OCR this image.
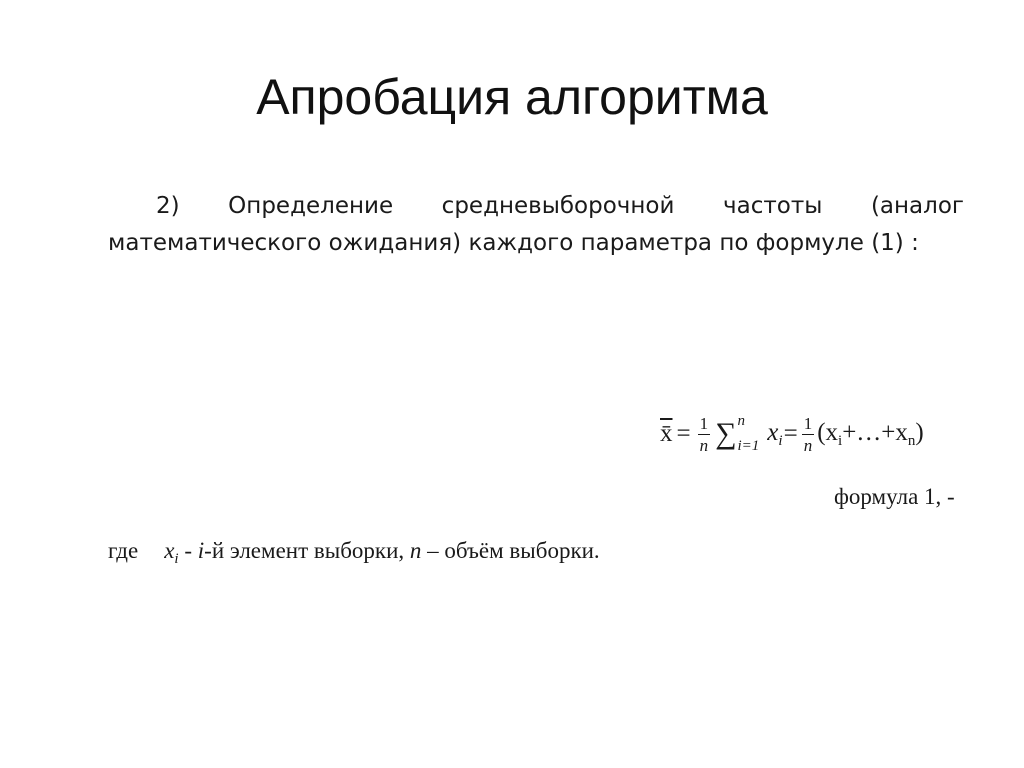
Апробация алгоритма
2) Определение средневыборочной частоты (аналог математического ожидания) каждого параметра по формуле (1) :
x̄ = $\frac{1}{n}$ ∑ n
i=1
$x_i = \frac{1}{n}$ $(x_i+\dots+x_n)$
формула 1, -
где $x_i - i-й$ элемент выборки, n – объём выборки.
